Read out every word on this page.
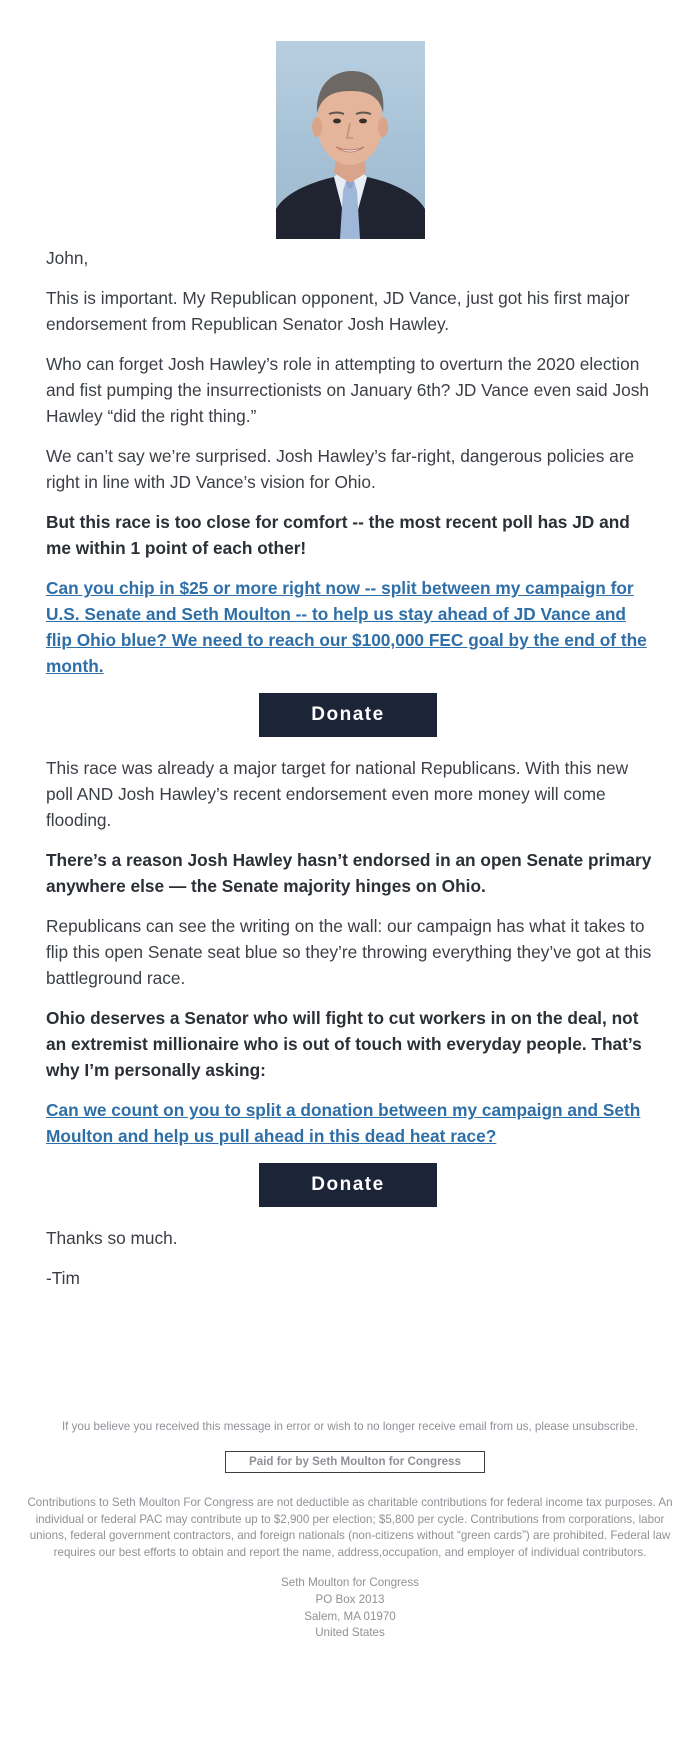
John,

This is important. My Republican opponent, JD Vance, just got his first major endorsement from Republican Senator Josh Hawley.

Who can forget Josh Hawley’s role in attempting to overturn the 2020 election and fist pumping the insurrectionists on January 6th? JD Vance even said Josh Hawley “did the right thing.”

We can’t say we’re surprised. Josh Hawley’s far-right, dangerous policies are right in line with JD Vance’s vision for Ohio.

But this race is too close for comfort -- the most recent poll has JD and me within 1 point of each other!

Can you chip in $25 or more right now -- split between my campaign for U.S. Senate and Seth Moulton -- to help us stay ahead of JD Vance and flip Ohio blue? We need to reach our $100,000 FEC goal by the end of the month.
Donate

This race was already a major target for national Republicans. With this new poll AND Josh Hawley’s recent endorsement even more money will come flooding.

There’s a reason Josh Hawley hasn’t endorsed in an open Senate primary anywhere else — the Senate majority hinges on Ohio.

Republicans can see the writing on the wall: our campaign has what it takes to flip this open Senate seat blue so they’re throwing everything they’ve got at this battleground race.

Ohio deserves a Senator who will fight to cut workers in on the deal, not an extremist millionaire who is out of touch with everyday people. That’s why I’m personally asking:

Can we count on you to split a donation between my campaign and Seth Moulton and help us pull ahead in this dead heat race?
Donate

Thanks so much.

-Tim

If you believe you received this message in error or wish to no longer receive email from us, please unsubscribe.
Paid for by Seth Moulton for Congress
Contributions to Seth Moulton For Congress are not deductible as charitable contributions for federal income tax purposes. An individual or federal PAC may contribute up to $2,900 per election; $5,800 per cycle. Contributions from corporations, labor unions, federal government contractors, and foreign nationals (non-citizens without “green cards”) are prohibited. Federal law requires our best efforts to obtain and report the name, address,occupation, and employer of individual contributors.
Seth Moulton for Congress
PO Box 2013
Salem, MA 01970
United States
